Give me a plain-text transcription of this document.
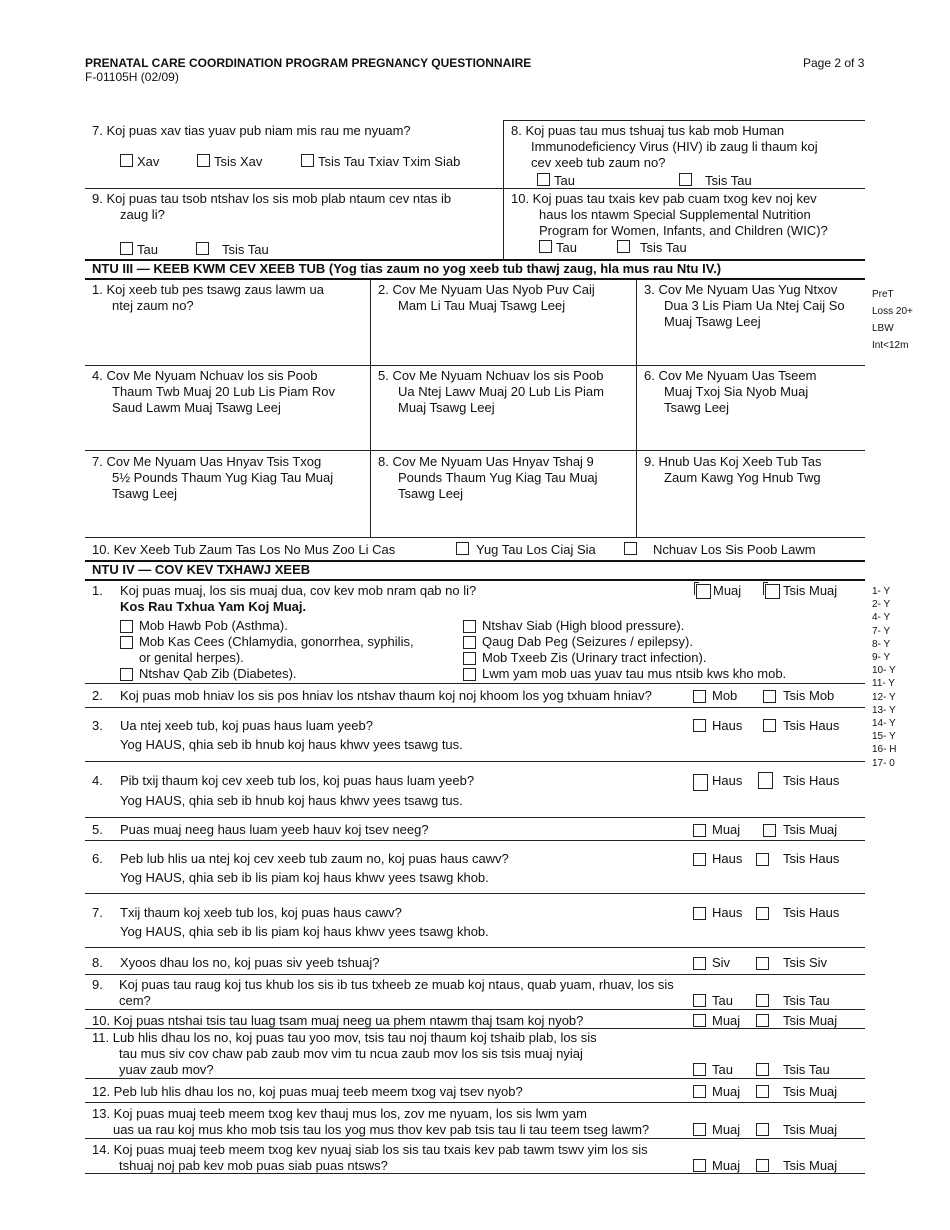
PRENATAL CARE COORDINATION PROGRAM PREGNANCY QUESTIONNAIRE
F-01105H (02/09)
Page 2 of 3
7. Koj puas xav tias yuav pub niam mis rau me nyuam?
Xav	Tsis Xav	Tsis Tau Txiav Txim Siab
8. Koj puas tau mus tshuaj tus kab mob Human
Immunodeficiency Virus (HIV) ib zaug li thaum koj
cev xeeb tub zaum no?
Tau	Tsis Tau
9. Koj puas tau tsob ntshav los sis mob plab ntaum cev ntas ib
zaug li?
Tau	Tsis Tau
10. Koj puas tau txais kev pab cuam txog kev noj kev
haus los ntawm Special Supplemental Nutrition
Program for Women, Infants, and Children (WIC)?
Tau	Tsis Tau
NTU III — KEEB KWM CEV XEEB TUB (Yog tias zaum no yog xeeb tub thawj zaug, hla mus rau Ntu IV.)
1. Koj xeeb tub pes tsawg zaus lawm ua
ntej zaum no?
2. Cov Me Nyuam Uas Nyob Puv Caij
Mam Li Tau Muaj Tsawg Leej
3. Cov Me Nyuam Uas Yug Ntxov
Dua 3 Lis Piam Ua Ntej Caij So
Muaj Tsawg Leej
4. Cov Me Nyuam Nchuav los sis Poob
Thaum Twb Muaj 20 Lub Lis Piam Rov
Saud Lawm Muaj Tsawg Leej
5. Cov Me Nyuam Nchuav los sis Poob
Ua Ntej Lawv Muaj 20 Lub Lis Piam
Muaj Tsawg Leej
6. Cov Me Nyuam Uas Tseem
Muaj Txoj Sia Nyob Muaj
Tsawg Leej
7. Cov Me Nyuam Uas Hnyav Tsis Txog
5½ Pounds Thaum Yug Kiag Tau Muaj
Tsawg Leej
8. Cov Me Nyuam Uas Hnyav Tshaj 9
Pounds Thaum Yug Kiag Tau Muaj
Tsawg Leej
9. Hnub Uas Koj Xeeb Tub Tas
Zaum Kawg Yog Hnub Twg
10. Kev Xeeb Tub Zaum Tas Los No Mus Zoo Li Cas	Yug Tau Los Ciaj Sia	Nchuav Los Sis Poob Lawm
PreT
Loss 20+
LBW
Int<12m
NTU IV — COV KEV TXHAWJ XEEB
1. Koj puas muaj, los sis muaj dua, cov kev mob nram qab no li?
Kos Rau Txhua Yam Koj Muaj.
Muaj	Tsis Muaj
Mob Hawb Pob (Asthma).
Mob Kas Cees (Chlamydia, gonorrhea, syphilis,
or genital herpes).
Ntshav Qab Zib (Diabetes).
Ntshav Siab (High blood pressure).
Qaug Dab Peg (Seizures / epilepsy).
Mob Txeeb Zis (Urinary tract infection).
Lwm yam mob uas yuav tau mus ntsib kws kho mob.
2. Koj puas mob hniav los sis pos hniav los ntshav thaum koj noj khoom los yog txhuam hniav?	Mob	Tsis Mob
3. Ua ntej xeeb tub, koj puas haus luam yeeb?
Yog HAUS, qhia seb ib hnub koj haus khwv yees tsawg tus.
Haus	Tsis Haus
4. Pib txij thaum koj cev xeeb tub los, koj puas haus luam yeeb?
Yog HAUS, qhia seb ib hnub koj haus khwv yees tsawg tus.
Haus	Tsis Haus
5. Puas muaj neeg haus luam yeeb hauv koj tsev neeg?	Muaj	Tsis Muaj
6. Peb lub hlis ua ntej koj cev xeeb tub zaum no, koj puas haus cawv?
Yog HAUS, qhia seb ib lis piam koj haus khwv yees tsawg khob.
Haus	Tsis Haus
7. Txij thaum koj xeeb tub los, koj puas haus cawv?
Yog HAUS, qhia seb ib lis piam koj haus khwv yees tsawg khob.
Haus	Tsis Haus
8. Xyoos dhau los no, koj puas siv yeeb tshuaj?	Siv	Tsis Siv
9. Koj puas tau raug koj tus khub los sis ib tus txheeb ze muab koj ntaus, quab yuam, rhuav, los sis
cem?	Tau	Tsis Tau
10. Koj puas ntshai tsis tau luag tsam muaj neeg ua phem ntawm thaj tsam koj nyob?	Muaj	Tsis Muaj
11. Lub hlis dhau los no, koj puas tau yoo mov, tsis tau noj thaum koj tshaib plab, los sis
tau mus siv cov chaw pab zaub mov vim tu ncua zaub mov los sis tsis muaj nyiaj
yuav zaub mov?	Tau	Tsis Tau
12. Peb lub hlis dhau los no, koj puas muaj teeb meem txog vaj tsev nyob?	Muaj	Tsis Muaj
13. Koj puas muaj teeb meem txog kev thauj mus los, zov me nyuam, los sis lwm yam
uas ua rau koj mus kho mob tsis tau los yog mus thov kev pab tsis tau li tau teem tseg lawm?	Muaj	Tsis Muaj
14. Koj puas muaj teeb meem txog kev nyuaj siab los sis tau txais kev pab tawm tswv yim los sis
tshuaj noj pab kev mob puas siab puas ntsws?	Muaj	Tsis Muaj
1- Y
2- Y
4- Y
7- Y
8- Y
9- Y
10- Y
11- Y
12- Y
13- Y
14- Y
15- Y
16- H
17- 0
